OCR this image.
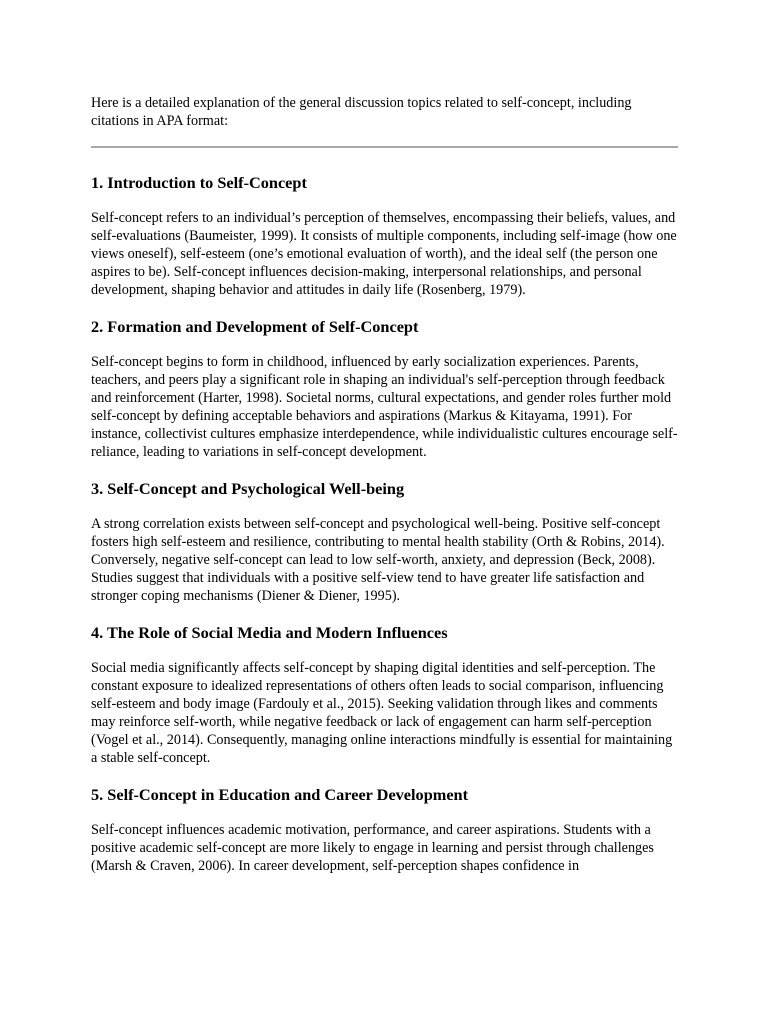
Here is a detailed explanation of the general discussion topics related to self-concept, including citations in APA format:

1. Introduction to Self-Concept

Self-concept refers to an individual’s perception of themselves, encompassing their beliefs, values, and self-evaluations (Baumeister, 1999). It consists of multiple components, including self-image (how one views oneself), self-esteem (one’s emotional evaluation of worth), and the ideal self (the person one aspires to be). Self-concept influences decision-making, interpersonal relationships, and personal development, shaping behavior and attitudes in daily life (Rosenberg, 1979).

2. Formation and Development of Self-Concept

Self-concept begins to form in childhood, influenced by early socialization experiences. Parents, teachers, and peers play a significant role in shaping an individual's self-perception through feedback and reinforcement (Harter, 1998). Societal norms, cultural expectations, and gender roles further mold self-concept by defining acceptable behaviors and aspirations (Markus & Kitayama, 1991). For instance, collectivist cultures emphasize interdependence, while individualistic cultures encourage self-reliance, leading to variations in self-concept development.

3. Self-Concept and Psychological Well-being

A strong correlation exists between self-concept and psychological well-being. Positive self-concept fosters high self-esteem and resilience, contributing to mental health stability (Orth & Robins, 2014). Conversely, negative self-concept can lead to low self-worth, anxiety, and depression (Beck, 2008). Studies suggest that individuals with a positive self-view tend to have greater life satisfaction and stronger coping mechanisms (Diener & Diener, 1995).

4. The Role of Social Media and Modern Influences

Social media significantly affects self-concept by shaping digital identities and self-perception. The constant exposure to idealized representations of others often leads to social comparison, influencing self-esteem and body image (Fardouly et al., 2015). Seeking validation through likes and comments may reinforce self-worth, while negative feedback or lack of engagement can harm self-perception (Vogel et al., 2014). Consequently, managing online interactions mindfully is essential for maintaining a stable self-concept.

5. Self-Concept in Education and Career Development

Self-concept influences academic motivation, performance, and career aspirations. Students with a positive academic self-concept are more likely to engage in learning and persist through challenges (Marsh & Craven, 2006). In career development, self-perception shapes confidence in
